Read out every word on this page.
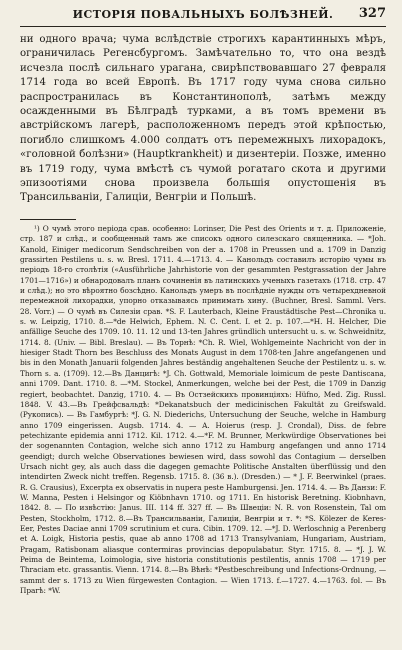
ИСТОРІЯ ПОВАЛЬНЫХЪ БОЛѢЗНЕЙ.	327
ни одного врача; чума вслѣдствіе строгихъ карантинныхъ мѣръ, ограничилась Регенсбургомъ. Замѣчательно то, что она вездѣ исчезла послѣ сильнаго урагана, свирѣпствовавшаго 27 февраля 1714 года во всей Европѣ. Въ 1717 году чума снова сильно распространилась въ Константинополѣ, затѣмъ между осажденными въ Бѣлградѣ турками, а въ томъ времени въ австрійскомъ лагерѣ, расположенномъ передъ этой крѣпостью, погибло слишкомъ 4.000 солдатъ отъ перемежныхъ лихорадокъ, «головной болѣзни» (Hauptkrankheit) и дизентеріи. Позже, именно въ 1719 году, чума вмѣстѣ съ чумой рогатаго скота и другими эпизоотіями снова произвела большія опустошенія въ Трансильваніи, Галиціи, Венгріи и Польшѣ.
¹) О чумѣ этого періода срав. особенно: Lorinser, Die Pest des Orients и т. д. Приложеніе, стр. 187 и слѣд., и сообщенный тамъ же списокъ одного силезскаго священника. — *Joh. Kanold, Einiger medicorum Sendschreiben von der a. 1708 in Preussen und a. 1709 in Danzig grassirten Pestilens u. s. w. Bresl. 1711. 4.—1713. 4. — Канольдъ составилъ исторію чумы въ періодъ 18-го столѣтія («Ausführliche Jahrhistorie von der gesammten Pestgrassation der Jahre 1701—1716») и обнародовалъ планъ сочиненія въ латинскихъ ученыхъ газетахъ (1718. стр. 47 и слѣд.); но это вѣроятно бозсѣдно. Канольдъ умеръ въ послѣдніе нужды отъ четырехдневной перемежной лихорадки, упорно отказываясь принимать хину. (Buchner, Bresl. Samml. Vers. 28. Vorr.) — О чумѣ въ Силезіи срав. *S. F. Lauterbach, Kleine Fraustädtische Pest—Chronika u. s. w. Leipzig, 1710. 8.—*de Helwich, Ephem. N. C. Cent. I. et 2. p. 107.—*H. H. Helcher, Die anfällige Seuche des 1709. 10. 11. 12 und 13-ten Jahres gründlich untersucht u. s. w. Schweidnitz, 1714. 8. (Univ. — Bibl. Breslau). — Въ Торнѣ: *Ch. R. Wiel, Wohlgemeinte Nachricht von der in hiesiger Stadt Thorn bes Beschluss des Monats August in dem 1708-ten Jahre angefangenen und bis in den Monath Januarii folgenden Jahres beständig angehaltenen Seuche der Pestilentz u. s. w. Thorn s. a. (1709). 12.—Въ Данцигѣ: *J. Ch. Gottwald, Memoriale loimicum de peste Dantiscana, anni 1709. Dant. 1710. 8. —*M. Stockel, Anmerkungen, welche bei der Pest, die 1709 in Danzig regiert, beobachtet. Danzig, 1710. 4. — Въ Остзейскихъ провинціяхъ: Hüfno, Med. Zig. Russl. 1848. V. 43.—Въ Грейфсвальдѣ: *Dekanatsbuch der medicinischen Fakultät zu Greifswald. (Рукопись). — Въ Гамбургѣ: *J. G. N. Diederichs, Untersuchung der Seuche, welche in Hamburg anno 1709 eingerissen. Augsb. 1714. 4. — A. Hoierus (resp. J. Crondal), Diss. de febre petechizante epidemia anni 1712. Kil. 1712. 4.—*F. M. Brunner, Merkwürdige Observationes bei der sogenannten Contagion, welche sich anno 1712 zu Hamburg angefangen und anno 1714 geendigt; durch welche Observationes bewiesen wird, dass sowohl das Contagium — derselben Ursach nicht gey, als auch dass die dagegen gemachte Politische Anstalten überflüssig und den intendirten Zweck nicht treffen. Regensb. 1715. 8. (36 в.). (Dresden.) — * J. F. Beerwinkel (praes. R. G. Crausius), Excerpta ex observatis in nupera peste Hamburgensi. Jen. 1714. 4. — Въ Данзи: F. W. Manna, Pesten i Helsingor og Kiöbnhavn 1710. og 1711. En historisk Beretning. Kiobnhavn, 1842. 8. — По извѣстію: Janus. III. 114 ff. 327 ff. — Въ Швеціи: N. R. von Rosenstein, Tal om Pesten, Stockholm, 1712. 8.—Въ Трансильваніи, Галиціи, Венгріи и т. *: *S. Kölezer de Keres-Eer, Pestes Daciae anni 1709 scrutinium et cura. Cibin. 1709. 12. —*J. D. Werloschnig a Perenberg et A. Loigk, Historia pestis, quae ab anno 1708 ad 1713 Transylvaniam, Hungariam, Austriam, Pragam, Ratisbonam aliasque contermiras provincias depopulabatur. Styr. 1715. 8. — *J. J. W. Peima de Beintema, Loimologia, sive historia constitutionis pestilentis, annis 1708 — 1719 per Thraciam etc. grassantis. Vienn. 1714. 8.—Въ Вѣнѣ: *Pestbeschreibung und Infections-Ordnung, — sammt der s. 1713 zu Wien fürgewesten Contagion. — Wien 1713. f.—1727. 4.—1763. fol. — Въ Прагѣ: *W.
